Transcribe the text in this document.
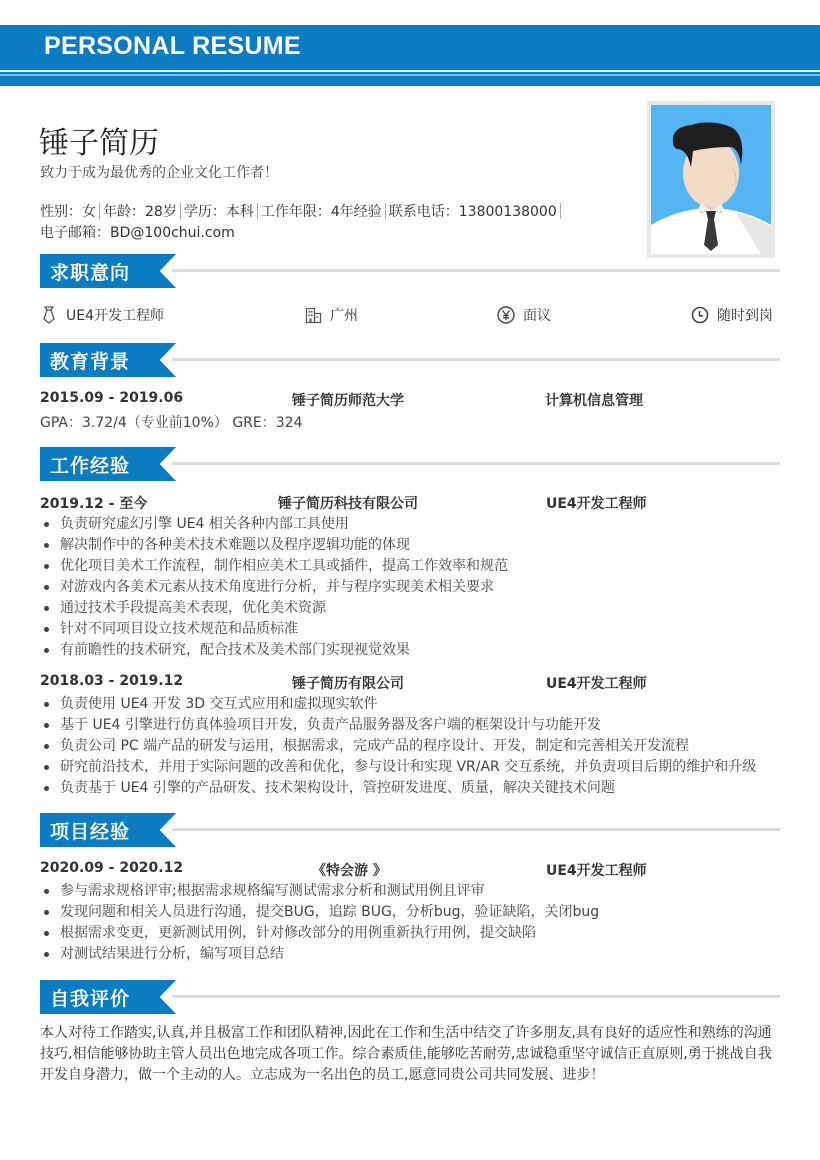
PERSONAL RESUME
锤子简历
致力于成为最优秀的企业文化工作者！
性别：女 年龄：28岁 学历：本科 工作年限：4年经验 联系电话：13800138000
电子邮箱：BD@100chui.com
求职意向
UE4开发工程师	广州	面议	随时到岗
教育背景
2015.09 - 2019.06	锤子简历师范大学	计算机信息管理
GPA：3.72/4（专业前10%） GRE：324
工作经验
2019.12 - 至今	锤子简历科技有限公司	UE4开发工程师
负责研究虚幻引擎 UE4 相关各种内部工具使用
解决制作中的各种美术技术难题以及程序逻辑功能的体现
优化项目美术工作流程，制作相应美术工具或插件，提高工作效率和规范
对游戏内各美术元素从技术角度进行分析，并与程序实现美术相关要求
通过技术手段提高美术表现，优化美术资源
针对不同项目设立技术规范和品质标准
有前瞻性的技术研究，配合技术及美术部门实现视觉效果
2018.03 - 2019.12	锤子简历有限公司	UE4开发工程师
负责使用 UE4 开发 3D 交互式应用和虚拟现实软件
基于 UE4 引擎进行仿真体验项目开发，负责产品服务器及客户端的框架设计与功能开发
负责公司 PC 端产品的研发与运用，根据需求，完成产品的程序设计、开发，制定和完善相关开发流程
研究前沿技术，并用于实际问题的改善和优化，参与设计和实现 VR/AR 交互系统，并负责项目后期的维护和升级
负责基于 UE4 引擎的产品研发、技术架构设计，管控研发进度、质量，解决关键技术问题
项目经验
2020.09 - 2020.12	《特会游 》	UE4开发工程师
参与需求规格评审;根据需求规格编写测试需求分析和测试用例且评审
发现问题和相关人员进行沟通，提交BUG，追踪 BUG，分析bug，验证缺陷，关闭bug
根据需求变更，更新测试用例，针对修改部分的用例重新执行用例，提交缺陷
对测试结果进行分析，编写项目总结
自我评价
本人对待工作踏实,认真,并且极富工作和团队精神,因此在工作和生活中结交了许多朋友,具有良好的适应性和熟练的沟通技巧,相信能够协助主管人员出色地完成各项工作。综合素质佳,能够吃苦耐劳,忠诚稳重坚守诚信正直原则,勇于挑战自我开发自身潜力，做一个主动的人。立志成为一名出色的员工,愿意同贵公司共同发展、进步！
